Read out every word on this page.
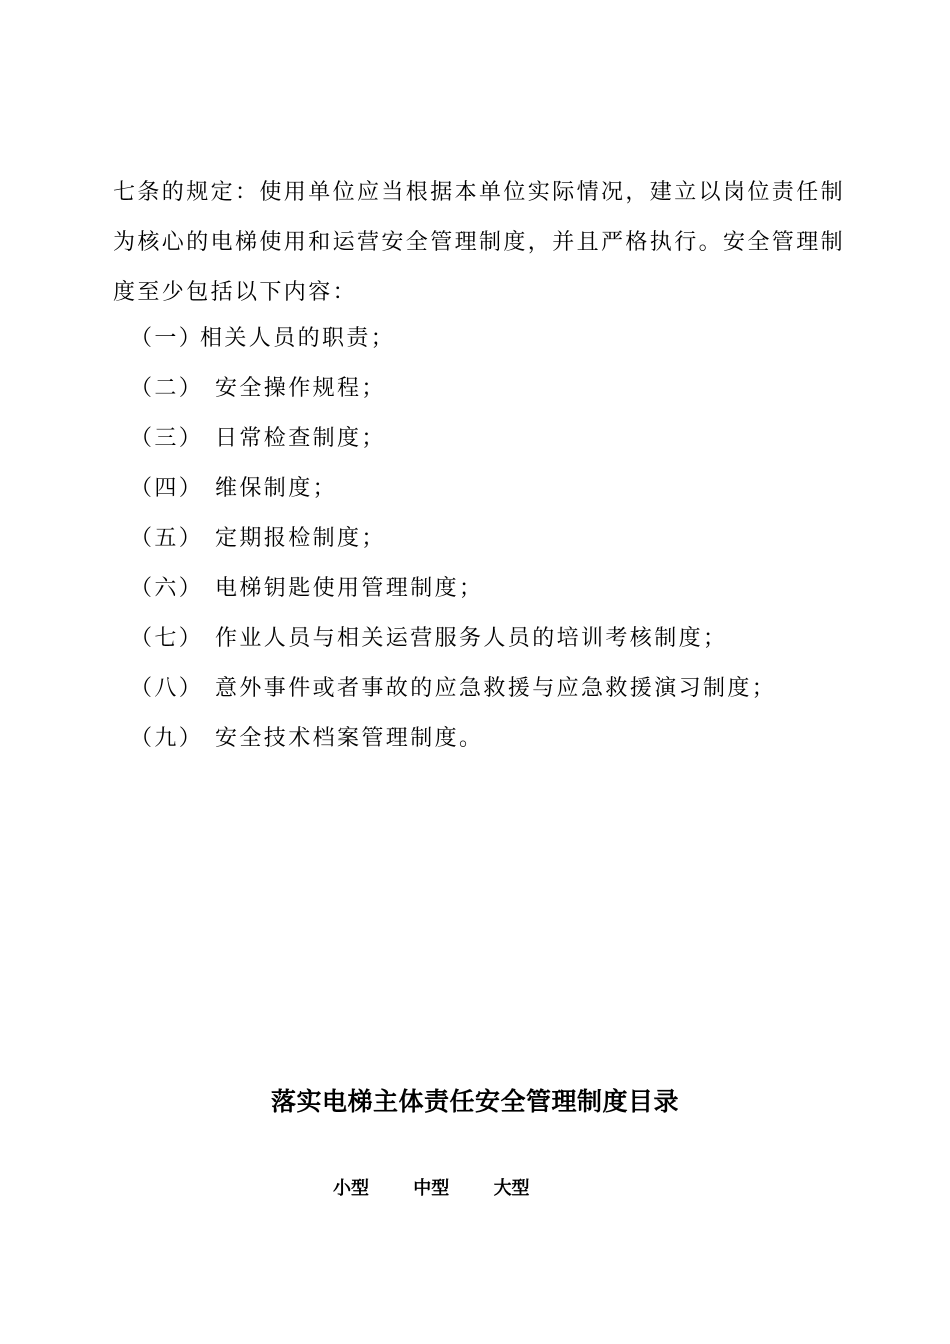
七条的规定：使用单位应当根据本单位实际情况，建立以岗位责任制
为核心的电梯使用和运营安全管理制度，并且严格执行。安全管理制
度至少包括以下内容：
（一）
相关人员的职责；
（二） 安全操作规程；
（三） 日常检查制度；
（四） 维保制度；
（五） 定期报检制度；
（六） 电梯钥匙使用管理制度；
（七） 作业人员与相关运营服务人员的培训考核制度；
（八） 意外事件或者事故的应急救援与应急救援演习制度；
（九） 安全技术档案管理制度。
落实电梯主体责任安全管理制度目录
小型 中型 大型
